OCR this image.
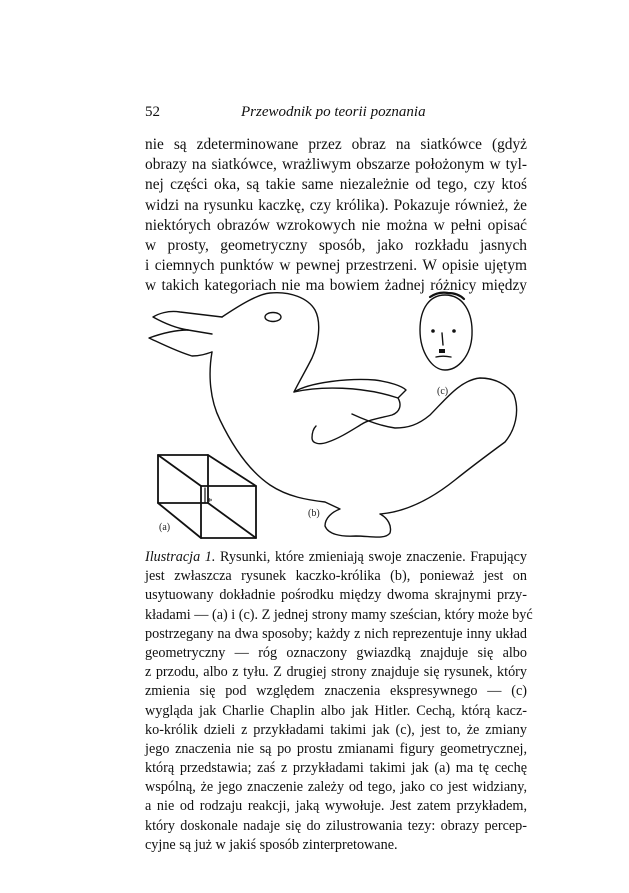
52	Przewodnik po teorii poznania
nie są zdeterminowane przez obraz na siatkówce (gdyż
obrazy na siatkówce, wrażliwym obszarze położonym w tyl-
nej części oka, są takie same niezależnie od tego, czy ktoś
widzi na rysunku kaczkę, czy królika). Pokazuje również, że
niektórych obrazów wzrokowych nie można w pełni opisać
w prosty, geometryczny sposób, jako rozkładu jasnych
i ciemnych punktów w pewnej przestrzeni. W opisie ujętym
w takich kategoriach nie ma bowiem żadnej różnicy między
(c)
*
(a)
(b)
Ilustracja 1. Rysunki, które zmieniają swoje znaczenie. Frapujący
jest zwłaszcza rysunek kaczko-królika (b), ponieważ jest on
usytuowany dokładnie pośrodku między dwoma skrajnymi przy-
kładami — (a) i (c). Z jednej strony mamy sześcian, który może być
postrzegany na dwa sposoby; każdy z nich reprezentuje inny układ
geometryczny — róg oznaczony gwiazdką znajduje się albo
z przodu, albo z tyłu. Z drugiej strony znajduje się rysunek, który
zmienia się pod względem znaczenia ekspresywnego — (c)
wygląda jak Charlie Chaplin albo jak Hitler. Cechą, którą kacz-
ko-królik dzieli z przykładami takimi jak (c), jest to, że zmiany
jego znaczenia nie są po prostu zmianami figury geometrycznej,
którą przedstawia; zaś z przykładami takimi jak (a) ma tę cechę
wspólną, że jego znaczenie zależy od tego, jako co jest widziany,
a nie od rodzaju reakcji, jaką wywołuje. Jest zatem przykładem,
który doskonale nadaje się do zilustrowania tezy: obrazy percep-
cyjne są już w jakiś sposób zinterpretowane.
